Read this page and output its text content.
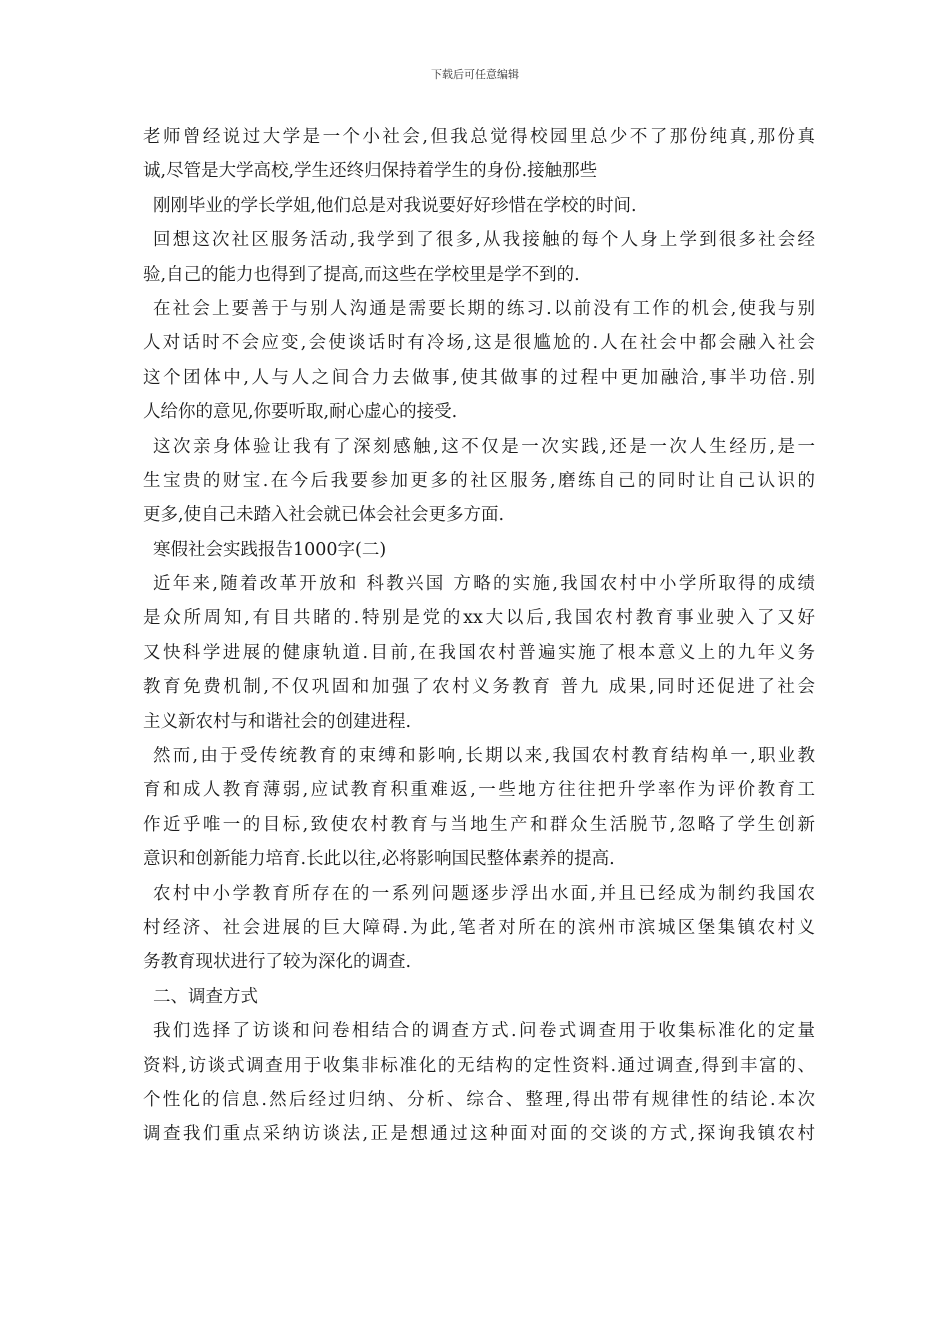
下载后可任意编辑
老师曾经说过大学是一个小社会,但我总觉得校园里总少不了那份纯真,那份真
诚,尽管是大学高校,学生还终归保持着学生的身份.接触那些
刚刚毕业的学长学姐,他们总是对我说要好好珍惜在学校的时间.
回想这次社区服务活动,我学到了很多,从我接触的每个人身上学到很多社会经
验,自己的能力也得到了提高,而这些在学校里是学不到的.
在社会上要善于与别人沟通是需要长期的练习.以前没有工作的机会,使我与别
人对话时不会应变,会使谈话时有冷场,这是很尴尬的.人在社会中都会融入社会
这个团体中,人与人之间合力去做事,使其做事的过程中更加融洽,事半功倍.别
人给你的意见,你要听取,耐心虚心的接受.
这次亲身体验让我有了深刻感触,这不仅是一次实践,还是一次人生经历,是一
生宝贵的财宝.在今后我要参加更多的社区服务,磨练自己的同时让自己认识的
更多,使自己未踏入社会就已体会社会更多方面.
寒假社会实践报告1000字(二)
近年来,随着改革开放和 科教兴国 方略的实施,我国农村中小学所取得的成绩
是众所周知,有目共睹的.特别是党的xx大以后,我国农村教育事业驶入了又好
又快科学进展的健康轨道.目前,在我国农村普遍实施了根本意义上的九年义务
教育免费机制,不仅巩固和加强了农村义务教育 普九 成果,同时还促进了社会
主义新农村与和谐社会的创建进程.
然而,由于受传统教育的束缚和影响,长期以来,我国农村教育结构单一,职业教
育和成人教育薄弱,应试教育积重难返,一些地方往往把升学率作为评价教育工
作近乎唯一的目标,致使农村教育与当地生产和群众生活脱节,忽略了学生创新
意识和创新能力培育.长此以往,必将影响国民整体素养的提高.
农村中小学教育所存在的一系列问题逐步浮出水面,并且已经成为制约我国农
村经济、社会进展的巨大障碍.为此,笔者对所在的滨州市滨城区堡集镇农村义
务教育现状进行了较为深化的调查.
二、调查方式
我们选择了访谈和问卷相结合的调查方式.问卷式调查用于收集标准化的定量
资料,访谈式调查用于收集非标准化的无结构的定性资料.通过调查,得到丰富的、
个性化的信息.然后经过归纳、分析、综合、整理,得出带有规律性的结论.本次
调查我们重点采纳访谈法,正是想通过这种面对面的交谈的方式,探询我镇农村
